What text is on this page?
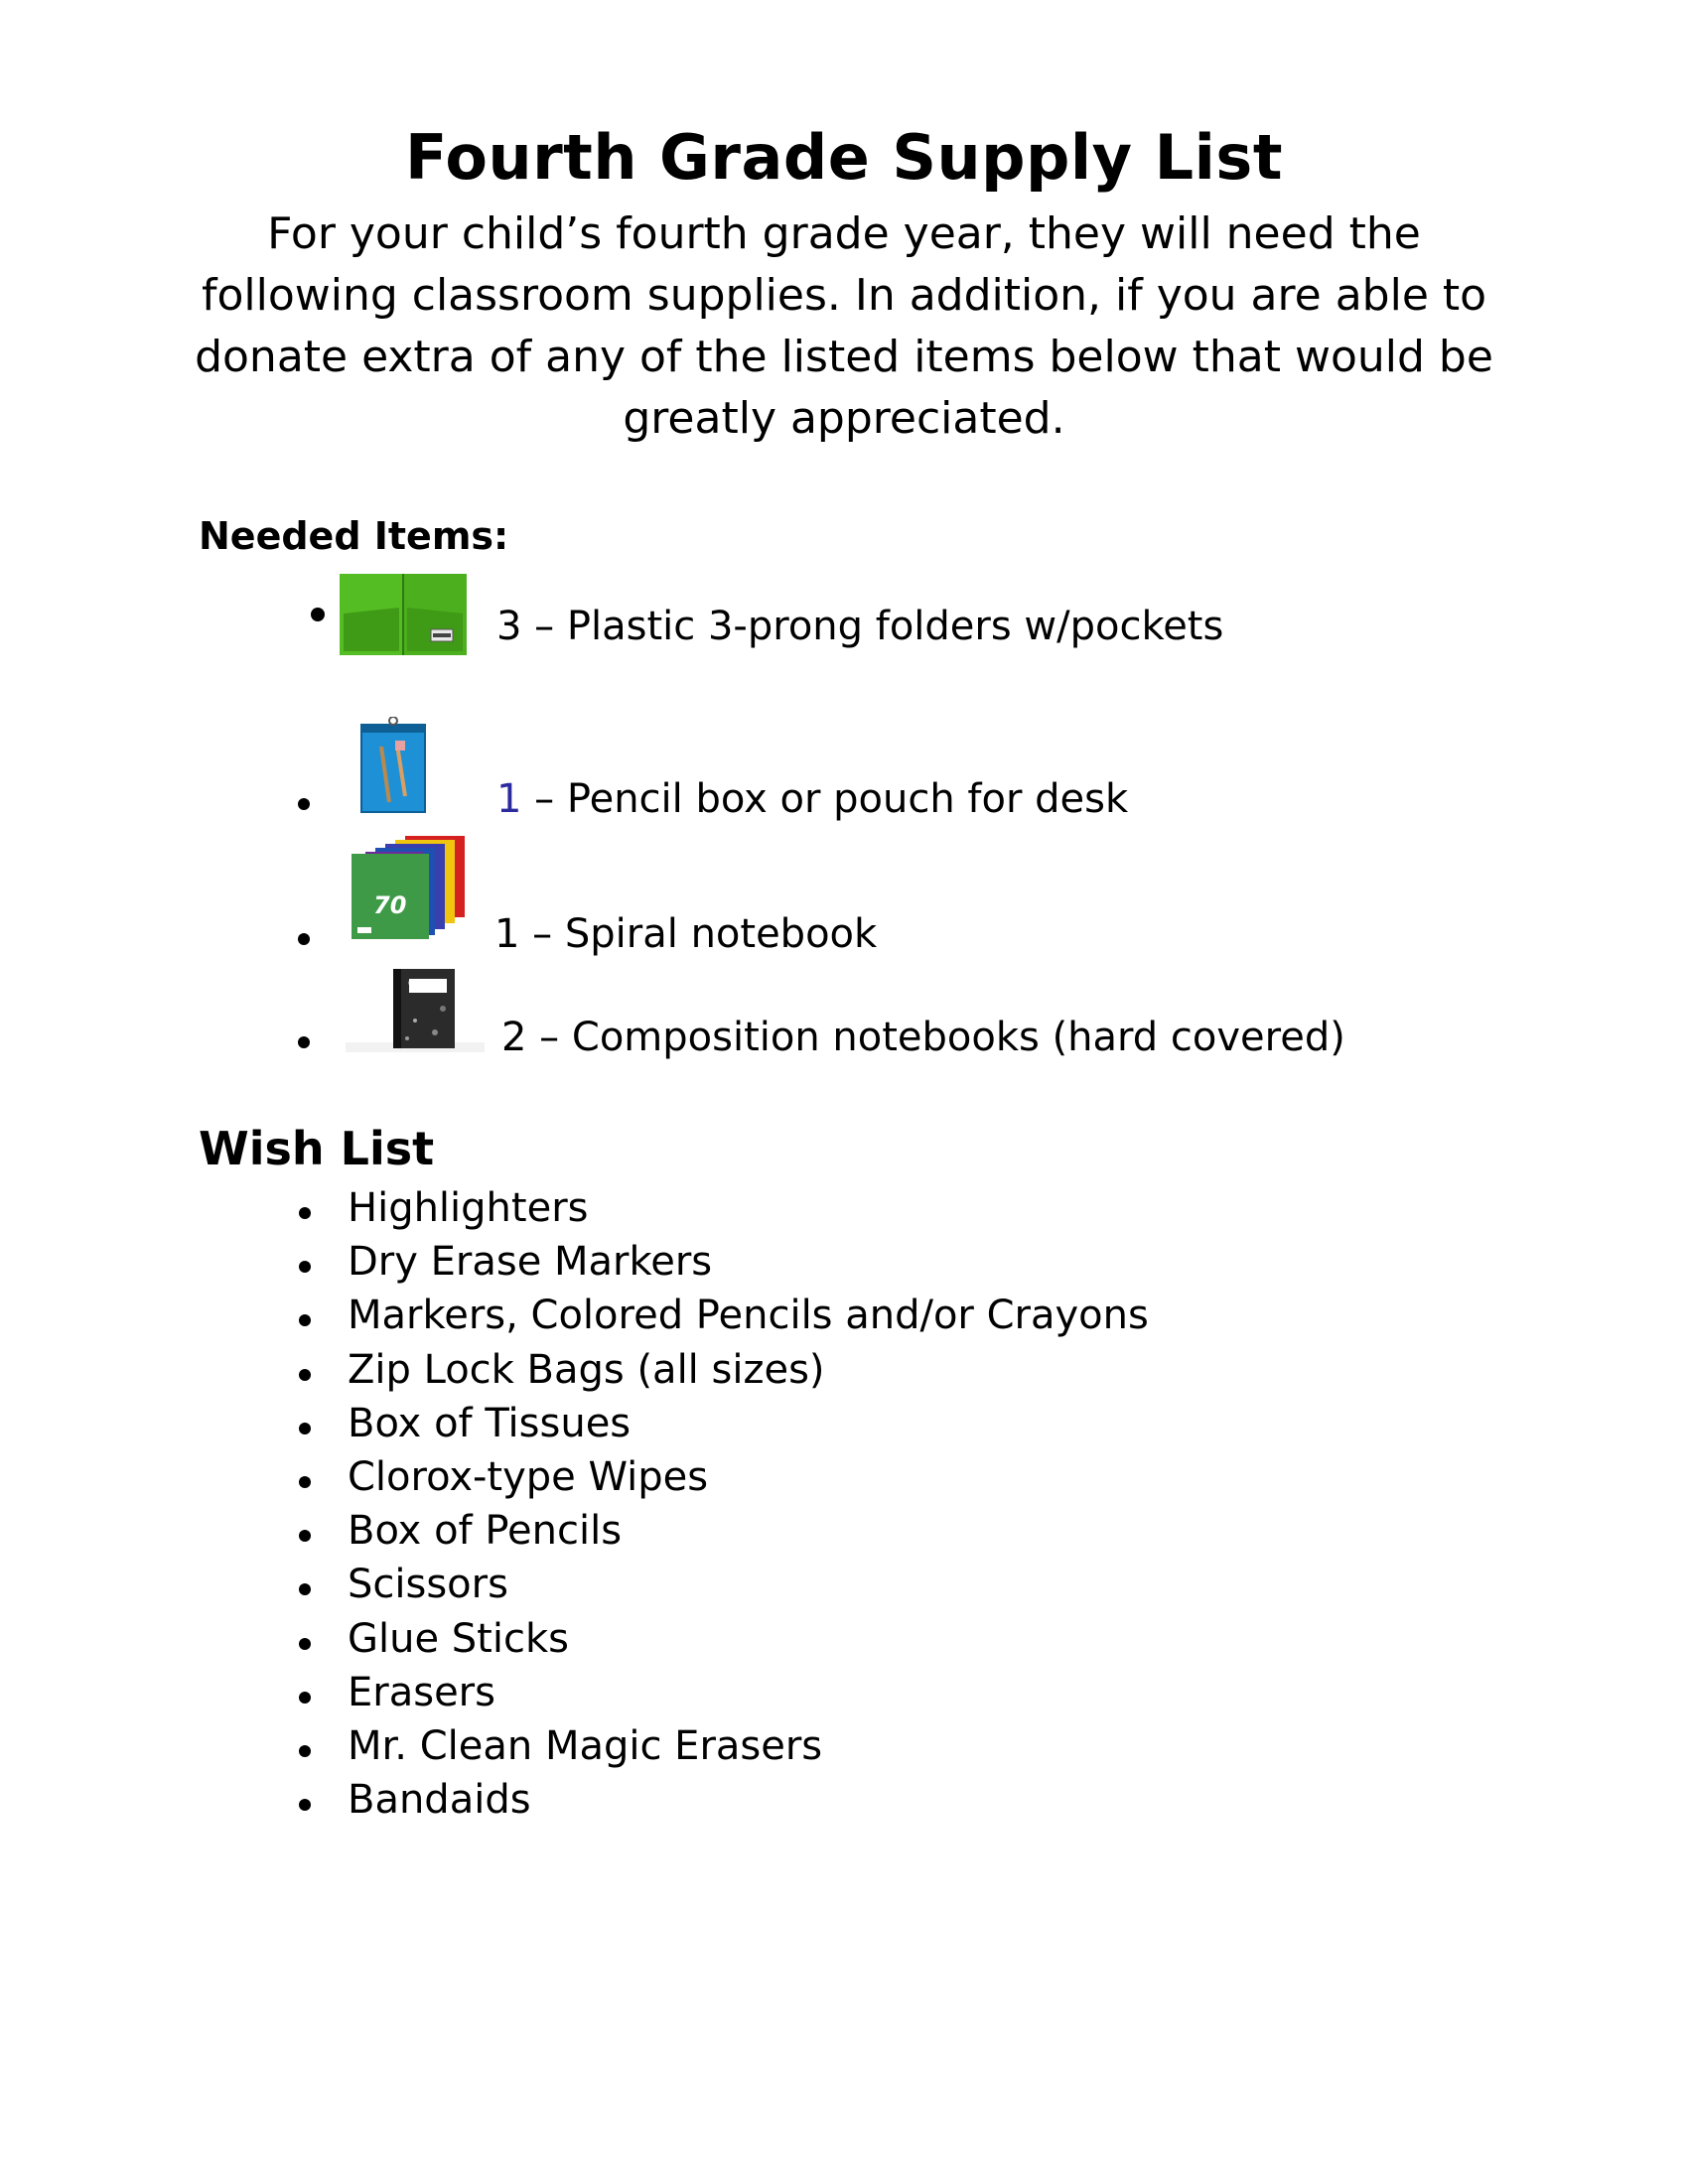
Fourth Grade Supply List
For your child’s fourth grade year, they will need the following classroom supplies. In addition, if you are able to donate extra of any of the listed items below that would be greatly appreciated.
Needed Items:
3 – Plastic 3-prong folders w/pockets
1 – Pencil box or pouch for desk
70
1 – Spiral notebook
2 – Composition notebooks (hard covered)
Wish List
Highlighters
Dry Erase Markers
Markers, Colored Pencils and/or Crayons
Zip Lock Bags (all sizes)
Box of Tissues
Clorox-type Wipes
Box of Pencils
Scissors
Glue Sticks
Erasers
Mr. Clean Magic Erasers
Bandaids
